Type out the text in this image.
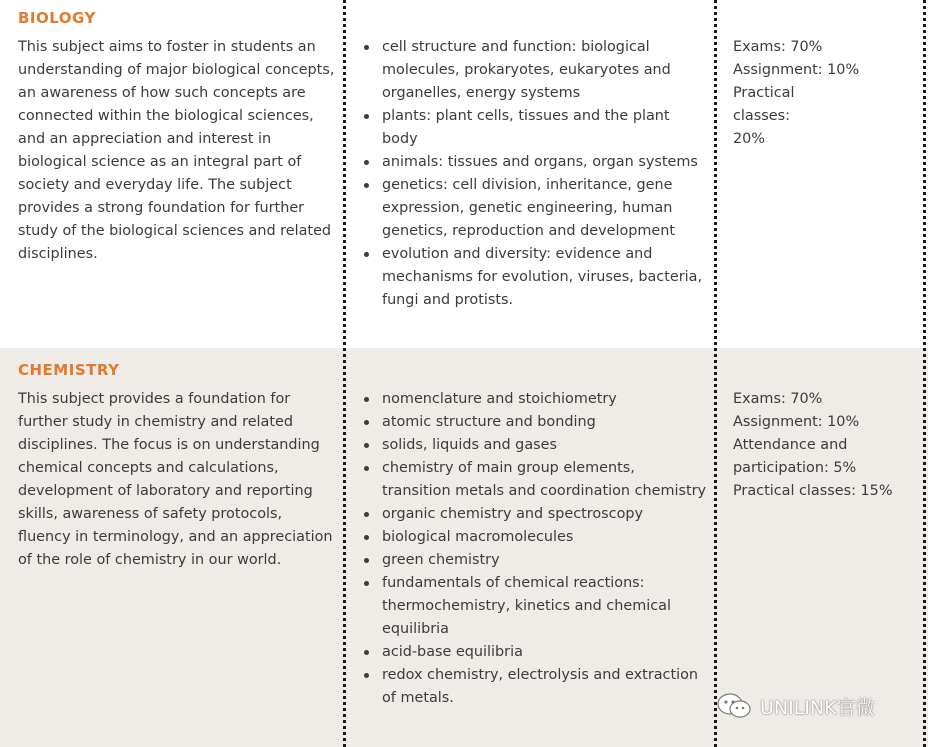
BIOLOGY

This subject aims to foster in students an understanding of major biological concepts, an awareness of how such concepts are connected within the biological sciences, and an appreciation and interest in biological science as an integral part of society and everyday life. The subject provides a strong foundation for further study of the biological sciences and related disciplines.

cell structure and function: biological molecules, prokaryotes, eukaryotes and organelles, energy systems
plants: plant cells, tissues and the plant body
animals: tissues and organs, organ systems
genetics: cell division, inheritance, gene expression, genetic engineering, human genetics, reproduction and development
evolution and diversity: evidence and mechanisms for evolution, viruses, bacteria, fungi and protists.
Exams: 70%
Assignment: 10%
Practical classes: 20%
CHEMISTRY

This subject provides a foundation for further study in chemistry and related disciplines. The focus is on understanding chemical concepts and calculations, development of laboratory and reporting skills, awareness of safety protocols, fluency in terminology, and an appreciation of the role of chemistry in our world.

nomenclature and stoichiometry
atomic structure and bonding
solids, liquids and gases
chemistry of main group elements, transition metals and coordination chemistry
organic chemistry and spectroscopy
biological macromolecules
green chemistry
fundamentals of chemical reactions: thermochemistry, kinetics and chemical equilibria
acid-base equilibria
redox chemistry, electrolysis and extraction of metals.
Exams: 70%
Assignment: 10%
Attendance and participation: 5%
Practical classes: 15%
UNILINK官微
